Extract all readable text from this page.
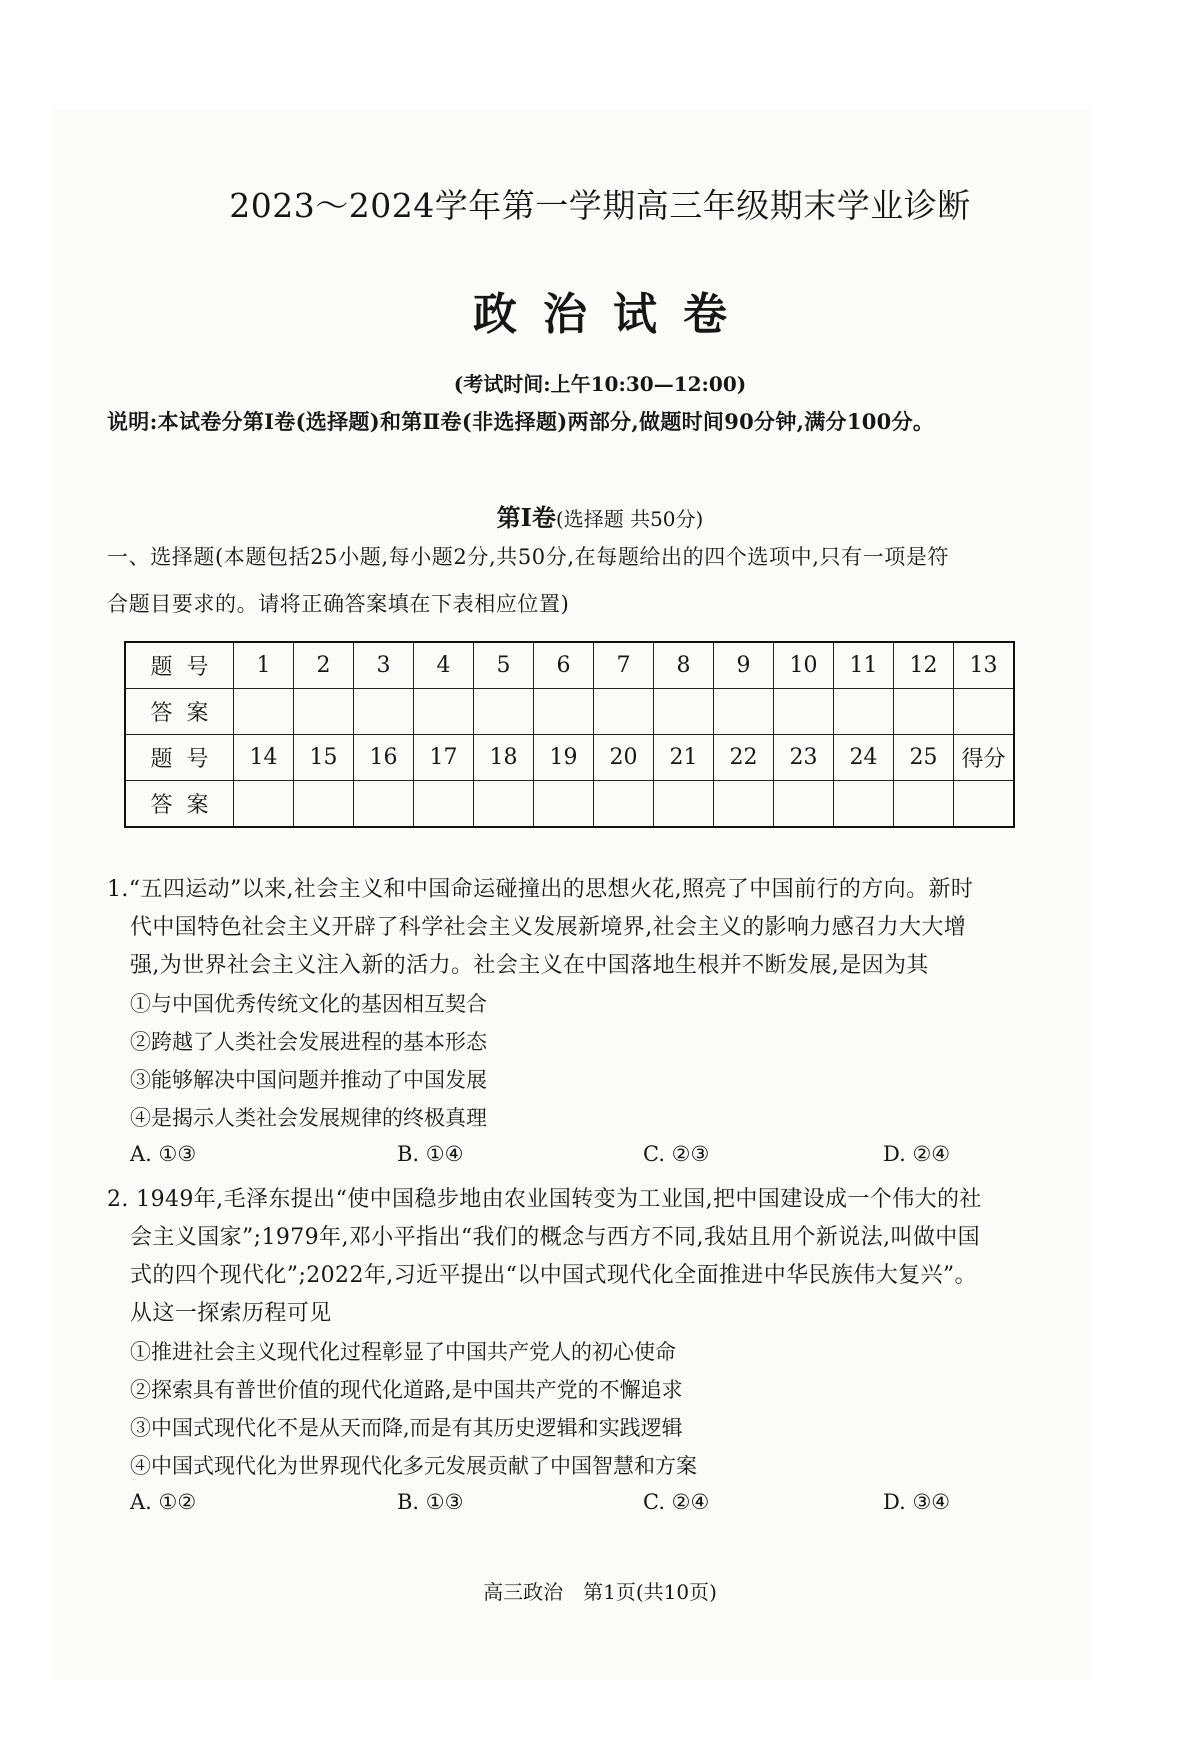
2023～2024学年第一学期高三年级期末学业诊断
政治试卷
(考试时间:上午10:30—12:00)
说明:本试卷分第Ⅰ卷(选择题)和第Ⅱ卷(非选择题)两部分,做题时间90分钟,满分100分。
第Ⅰ卷(选择题 共50分)
一、选择题(本题包括25小题,每小题2分,共50分,在每题给出的四个选项中,只有一项是符
合题目要求的。请将正确答案填在下表相应位置)
题号	1	2	3	4	5	6	7	8	9	10	11	12	13
答案													
题号	14	15	16	17	18	19	20	21	22	23	24	25	得分
答案													
1.“五四运动”以来,社会主义和中国命运碰撞出的思想火花,照亮了中国前行的方向。新时
代中国特色社会主义开辟了科学社会主义发展新境界,社会主义的影响力感召力大大增
强,为世界社会主义注入新的活力。社会主义在中国落地生根并不断发展,是因为其
①与中国优秀传统文化的基因相互契合
②跨越了人类社会发展进程的基本形态
③能够解决中国问题并推动了中国发展
④是揭示人类社会发展规律的终极真理
A. ①③	B. ①④	C. ②③	D. ②④
2. 1949年,毛泽东提出“使中国稳步地由农业国转变为工业国,把中国建设成一个伟大的社
会主义国家”;1979年,邓小平指出“我们的概念与西方不同,我姑且用个新说法,叫做中国
式的四个现代化”;2022年,习近平提出“以中国式现代化全面推进中华民族伟大复兴”。
从这一探索历程可见
①推进社会主义现代化过程彰显了中国共产党人的初心使命
②探索具有普世价值的现代化道路,是中国共产党的不懈追求
③中国式现代化不是从天而降,而是有其历史逻辑和实践逻辑
④中国式现代化为世界现代化多元发展贡献了中国智慧和方案
A. ①②	B. ①③	C. ②④	D. ③④
高三政治　第1页(共10页)
